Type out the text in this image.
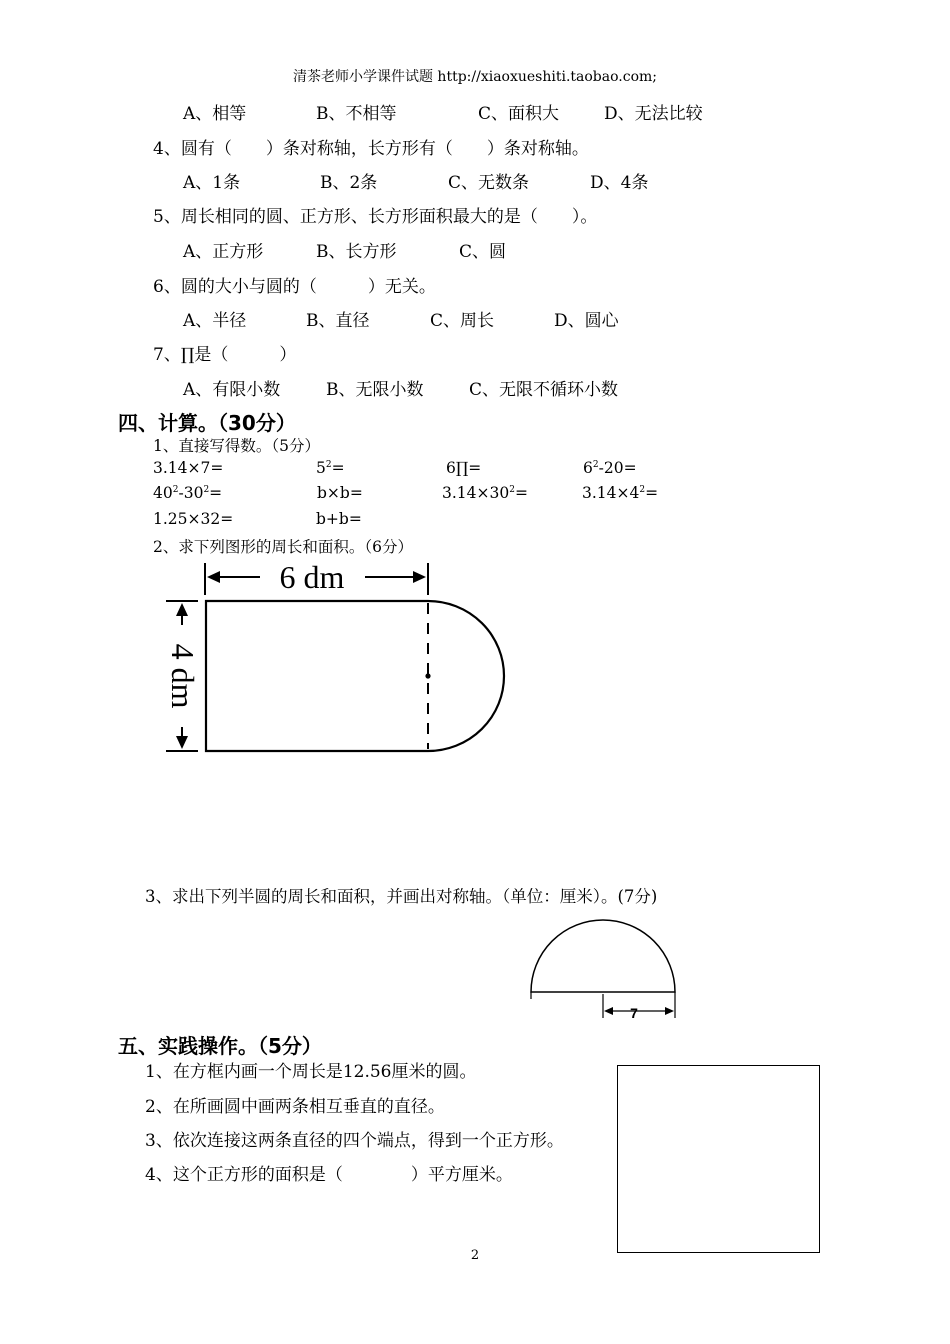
清茶老师小学课件试题 http://xiaoxueshiti.taobao.com;
A、相等	B、不相等	C、面积大	D、无法比较
4、圆有（　　）条对称轴，长方形有（　　）条对称轴。
A、1条	B、2条	C、无数条	D、4条
5、周长相同的圆、正方形、长方形面积最大的是（　　）。
A、正方形	B、长方形	C、圆
6、圆的大小与圆的（　　　）无关。
A、半径	B、直径	C、周长	D、圆心
7、∏是（　　　）
A、有限小数	B、无限小数	C、无限不循环小数
四、计算。（30分）
1、直接写得数。（5分）
3.14×7=	$5^2=$	6∏=	$6^2-20=$
$40^2-30^2=$	b×b=	$3.14\times 30^2=$	$3.14\times 4^2=$
1.25×32=	b+b=
2、求下列图形的周长和面积。（6分）
6 dm
4 dm
3、求出下列半圆的周长和面积，并画出对称轴。（单位：厘米）。(7分)
7
五、实践操作。（5分）
1、在方框内画一个周长是12.56厘米的圆。
2、在所画圆中画两条相互垂直的直径。
3、依次连接这两条直径的四个端点，得到一个正方形。
4、这个正方形的面积是（　　　　）平方厘米。
2
